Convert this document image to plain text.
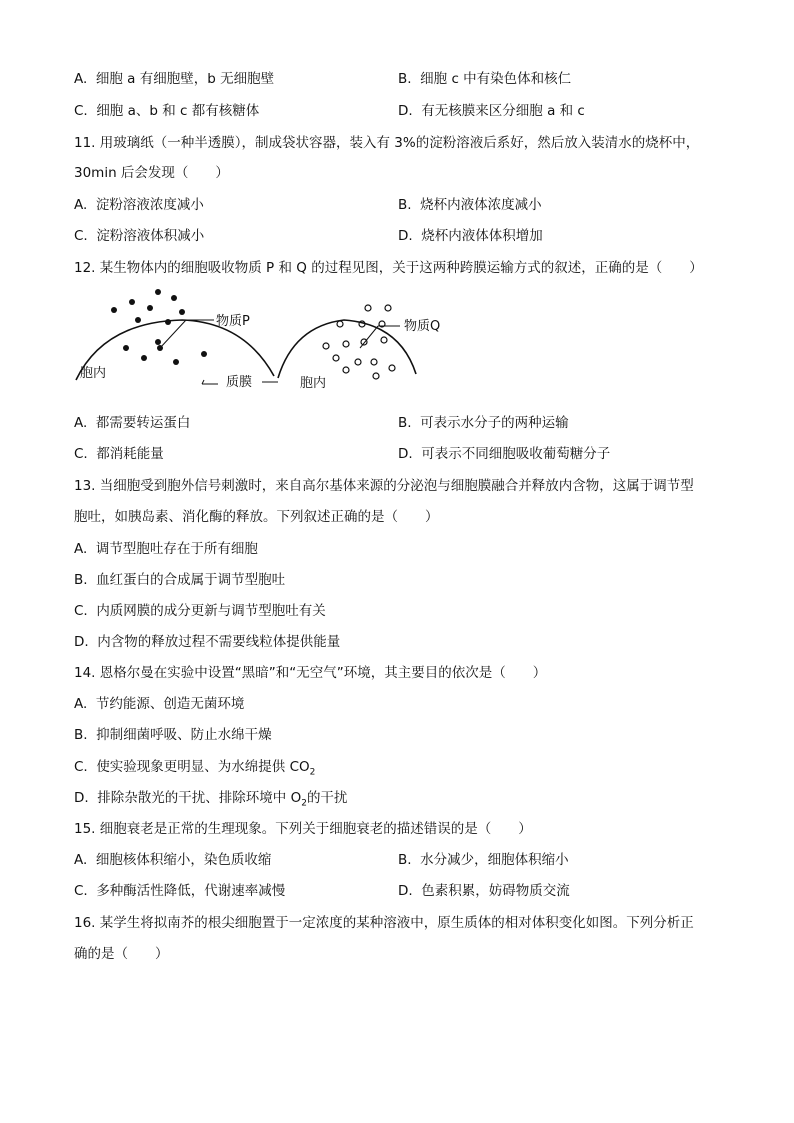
A. 细胞 a 有细胞壁，b 无细胞壁	B. 细胞 c 中有染色体和核仁
C. 细胞 a、b 和 c 都有核糖体	D. 有无核膜来区分细胞 a 和 c
11. 用玻璃纸（一种半透膜），制成袋状容器，装入有 3%的淀粉溶液后系好，然后放入装清水的烧杯中，
30min 后会发现（　　）
A. 淀粉溶液浓度减小	B. 烧杯内液体浓度减小
C. 淀粉溶液体积减小	D. 烧杯内液体体积增加
12. 某生物体内的细胞吸收物质 P 和 Q 的过程见图，关于这两种跨膜运输方式的叙述，正确的是（　　）
物质P	物质Q
胞内
胞内
质膜
A. 都需要转运蛋白	B. 可表示水分子的两种运输
C. 都消耗能量	D. 可表示不同细胞吸收葡萄糖分子
13. 当细胞受到胞外信号刺激时，来自高尔基体来源的分泌泡与细胞膜融合并释放内含物，这属于调节型
胞吐，如胰岛素、消化酶的释放。下列叙述正确的是（　　）
A. 调节型胞吐存在于所有细胞
B. 血红蛋白的合成属于调节型胞吐
C. 内质网膜的成分更新与调节型胞吐有关
D. 内含物的释放过程不需要线粒体提供能量
14. 恩格尔曼在实验中设置“黑暗”和“无空气”环境，其主要目的依次是（　　）
A. 节约能源、创造无菌环境
B. 抑制细菌呼吸、防止水绵干燥
C. 使实验现象更明显、为水绵提供 $CO_2$
D. 排除杂散光的干扰、排除环境中 $O_2$的干扰
15. 细胞衰老是正常的生理现象。下列关于细胞衰老的描述错误的是（　　）
A. 细胞核体积缩小，染色质收缩	B. 水分减少，细胞体积缩小
C. 多种酶活性降低，代谢速率减慢	D. 色素积累，妨碍物质交流
16. 某学生将拟南芥的根尖细胞置于一定浓度的某种溶液中，原生质体的相对体积变化如图。下列分析正
确的是（　　）
